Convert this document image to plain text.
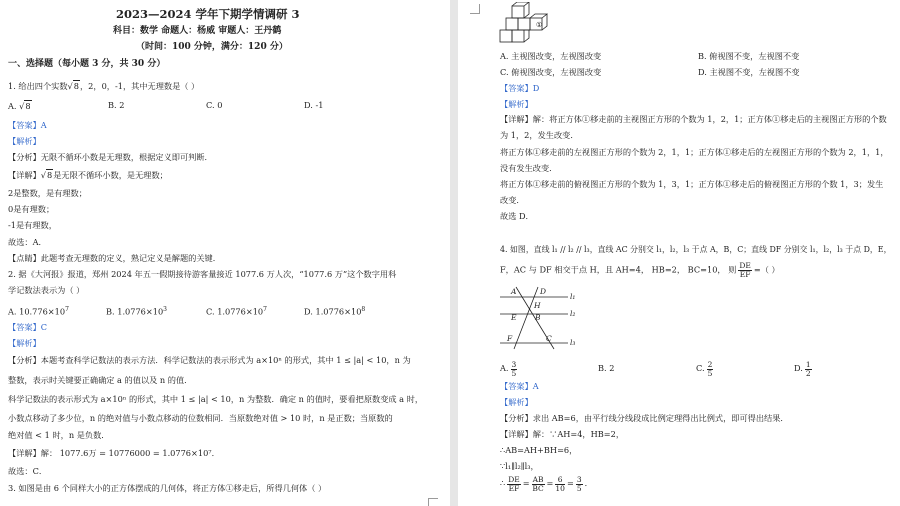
2023—2024 学年下期学情调研 3
科目：数学 命题人：杨威 审题人：王丹鹤
（时间：100 分钟，满分：120 分）
一、选择题（每小题 3 分，共 30 分）
1. 给出四个实数√8，2，0，-1，其中无理数是（ ）
A. √8	B. 2	C. 0	D. -1
【答案】A
【解析】
【分析】无限不循环小数是无理数，根据定义即可判断．
【详解】√8是无限不循环小数，是无理数；
2是整数，是有理数；
0是有理数；
-1是有理数，
故选：A．
【点睛】此题考查无理数的定义，熟记定义是解题的关键．
2. 据《大河报》报道，郑州 2024 年五一假期接待游客量接近 1077.6 万人次，“1077.6 万”这个数字用科
学记数法表示为（ ）
A. $10.776\times 10^7$	B. $1.0776\times 10^3$	C. $1.0776\times 10^7$	D. $1.0776\times 10^8$
【答案】C
【解析】
【分析】本题考查科学记数法的表示方法．科学记数法的表示形式为 a×10ⁿ 的形式，其中 1 ≤ |a| < 10，n 为
整数，表示时关键要正确确定 a 的值以及 n 的值．
科学记数法的表示形式为 a×10ⁿ 的形式，其中 1 ≤ |a| < 10，n 为整数．确定 n 的值时，要看把原数变成 a 时，
小数点移动了多少位，n 的绝对值与小数点移动的位数相同．当原数绝对值 > 10 时，n 是正数；当原数的
绝对值 < 1 时，n 是负数．
【详解】解： 1077.6万 = 10776000 = 1.0776×10⁷．
故选：C．
3. 如图是由 6 个同样大小的正方体摆成的几何体，将正方体①移走后，所得几何体（ ）
①
A. 主视图改变，左视图改变	B. 俯视图不变，左视图不变
C. 俯视图改变，左视图改变	D. 主视图不变，左视图不变
【答案】D
【解析】
【详解】解：将正方体①移走前的主视图正方形的个数为 1，2，1；正方体①移走后的主视图正方形的个数
为 1，2，发生改变．
将正方体①移走前的左视图正方形的个数为 2，1，1；正方体①移走后的左视图正方形的个数为 2，1，1，
没有发生改变．
将正方体①移走前的俯视图正方形的个数为 1，3，1；正方体①移走后的俯视图正方形的个数 1，3；发生
改变．
故选 D．
4. 如图，直线 l₁ // l₂ // l₃，直线 AC 分别交 l₁，l₂，l₃ 于点 A，B，C；直线 DF 分别交 l₁，l₂，l₃ 于点 D，E，
F，AC 与 DF 相交于点 H，且 AH=4， HB=2， BC=10， 则 $\frac{DE}{EF}$ =（ ）
A	D
H
B
E
F	C
l₁
l₂
l₃
A. $\frac{3}{5}$	B. 2	C. $\frac{2}{5}$	D. $\frac{1}{2}$
【答案】A
【解析】
【分析】求出 AB=6，由平行线分线段成比例定理得出比例式，即可得出结果．
【详解】解：∵AH=4，HB=2，
∴AB=AH+BH=6，
∵l₁∥l₂∥l₃，
∴ $\frac{DE}{EF} = \frac{AB}{BC} = \frac{6}{10} = \frac{3}{5}$ ．
